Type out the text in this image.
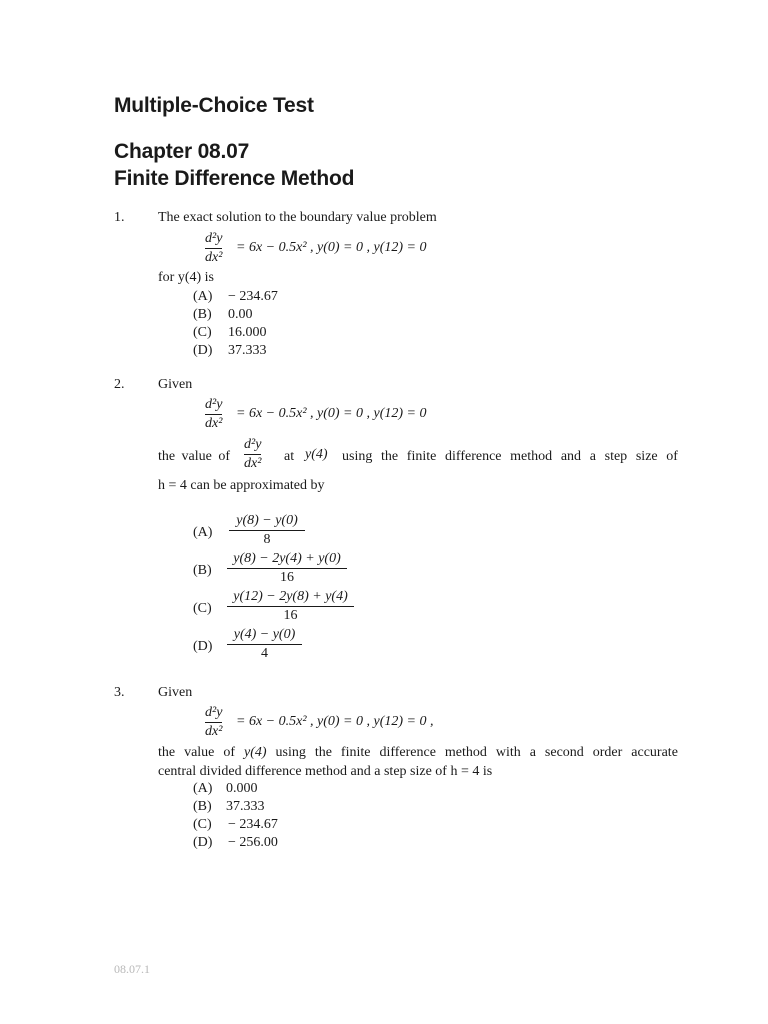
Multiple-Choice Test
Chapter 08.07
Finite Difference Method
1. The exact solution to the boundary value problem
d²y
dx²
= 6x − 0.5x² , y(0) = 0 , y(12) = 0
for y(4) is
(A) − 234.67
(B) 0.00
(C) 16.000
(D) 37.333
2. Given
d²y
dx²
= 6x − 0.5x² , y(0) = 0 , y(12) = 0
the value of
d²y
dx² at y(4) using the finite difference method and a step size of
h = 4 can be approximated by
(A)
y(8) − y(0)
8
(B)
y(8) − 2y(4) + y(0)
16
(C)
y(12) − 2y(8) + y(4)
16
(D)
y(4) − y(0)
4
3. Given
d²y
dx²
= 6x − 0.5x² , y(0) = 0 , y(12) = 0 ,
the value of y(4) using the finite difference method with a second order accurate
central divided difference method and a step size of h = 4 is
(A) 0.000
(B) 37.333
(C) − 234.67
(D) − 256.00
08.07.1
